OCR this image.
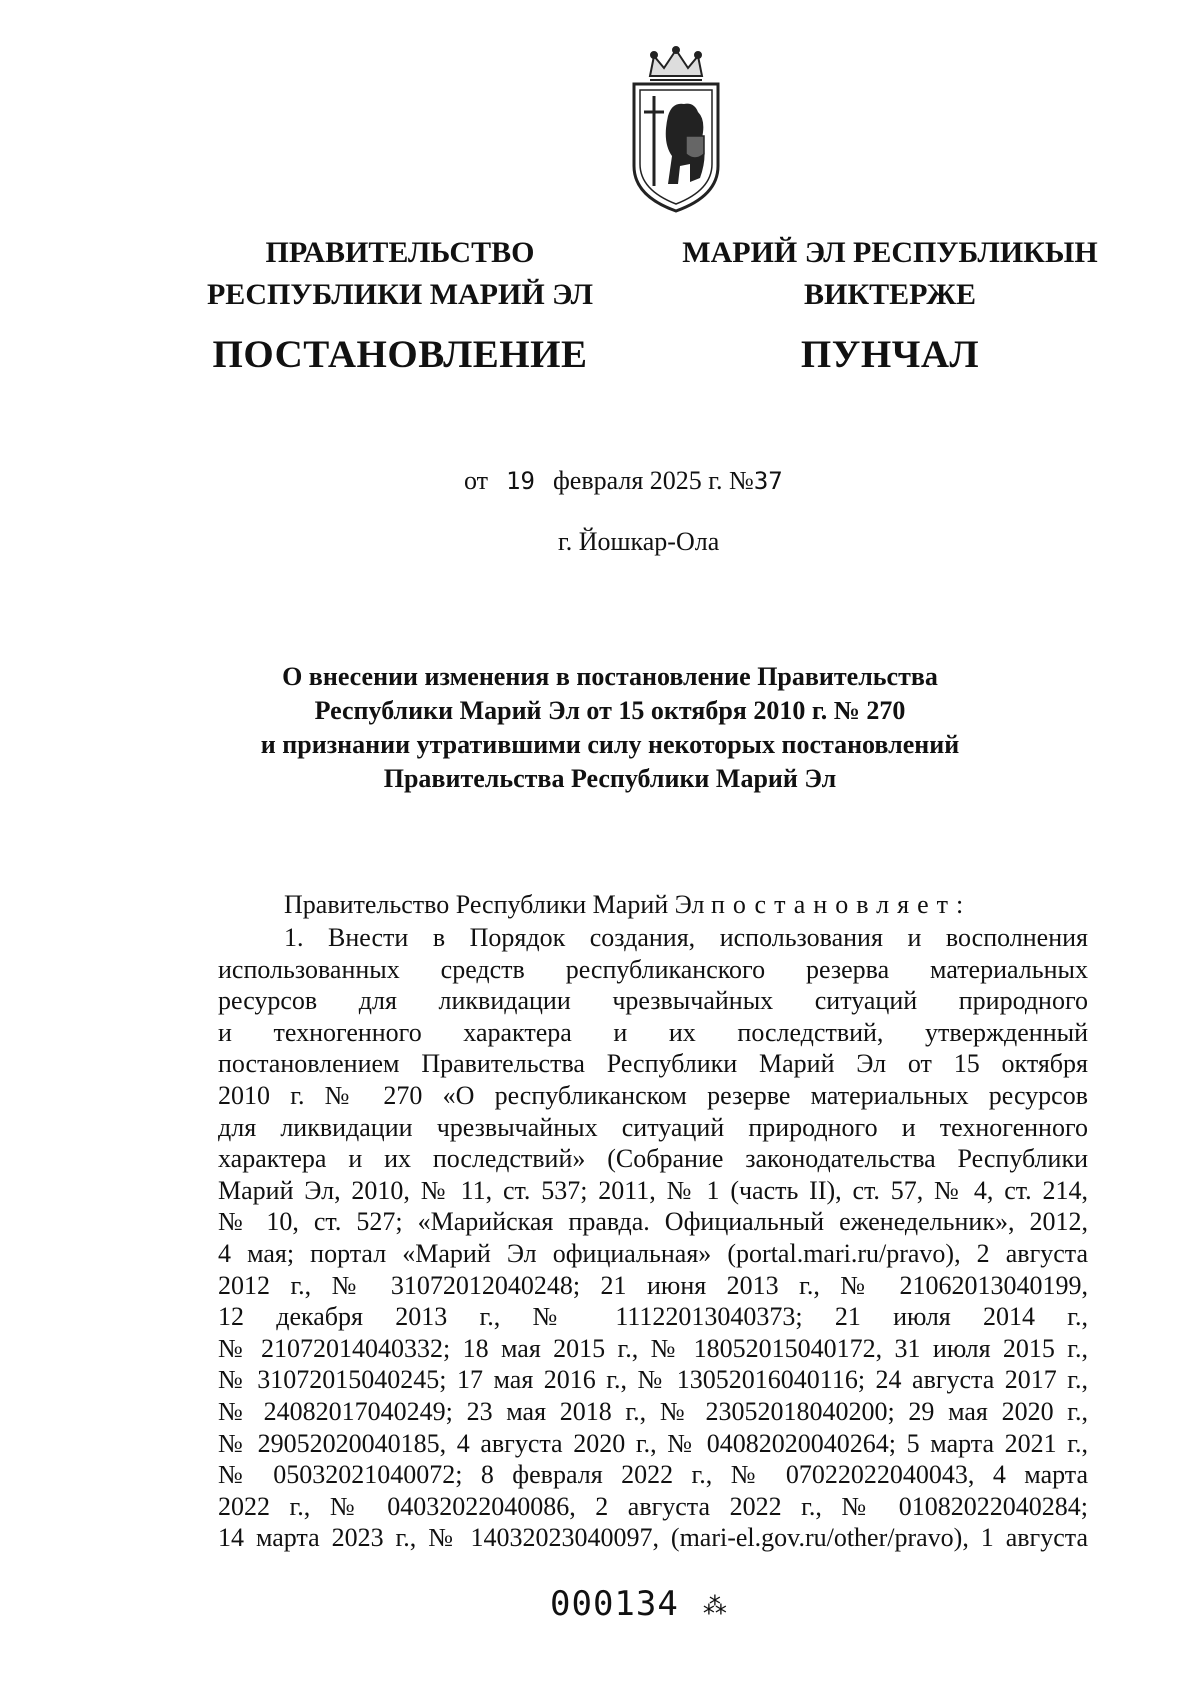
ПРАВИТЕЛЬСТВО

РЕСПУБЛИКИ МАРИЙ ЭЛ

ПОСТАНОВЛЕНИЕ

МАРИЙ ЭЛ РЕСПУБЛИКЫН

ВИКТЕРЖЕ

ПУНЧАЛ

от 19 февраля 2025 г. №37
г. Йошкар-Ола
О внесении изменения в постановление Правительства
Республики Марий Эл от 15 октября 2010 г. № 270
и признании утратившими силу некоторых постановлений
Правительства Республики Марий Эл
Правительство Республики Марий Эл постановляет:
1. Внести в Порядок создания, использования и восполнения
использованных средств республиканского резерва материальных
ресурсов для ликвидации чрезвычайных ситуаций природного
и техногенного характера и их последствий, утвержденный
постановлением Правительства Республики Марий Эл от 15 октября
2010 г. № 270 «О республиканском резерве материальных ресурсов
для ликвидации чрезвычайных ситуаций природного и техногенного
характера и их последствий» (Собрание законодательства Республики
Марий Эл, 2010, № 11, ст. 537; 2011, № 1 (часть II), ст. 57, № 4, ст. 214,
№ 10, ст. 527; «Марийская правда. Официальный еженедельник», 2012,
4 мая; портал «Марий Эл официальная» (portal.mari.ru/pravo), 2 августа
2012 г., № 31072012040248; 21 июня 2013 г., № 21062013040199,
12 декабря 2013 г., № 11122013040373; 21 июля 2014 г.,
№ 21072014040332; 18 мая 2015 г., № 18052015040172, 31 июля 2015 г.,
№ 31072015040245; 17 мая 2016 г., № 13052016040116; 24 августа 2017 г.,
№ 24082017040249; 23 мая 2018 г., № 23052018040200; 29 мая 2020 г.,
№ 29052020040185, 4 августа 2020 г., № 04082020040264; 5 марта 2021 г.,
№ 05032021040072; 8 февраля 2022 г., № 07022022040043, 4 марта
2022 г., № 04032022040086, 2 августа 2022 г., № 01082022040284;
14 марта 2023 г., № 14032023040097, (mari-el.gov.ru/other/pravo), 1 августа
000134 ⁂
